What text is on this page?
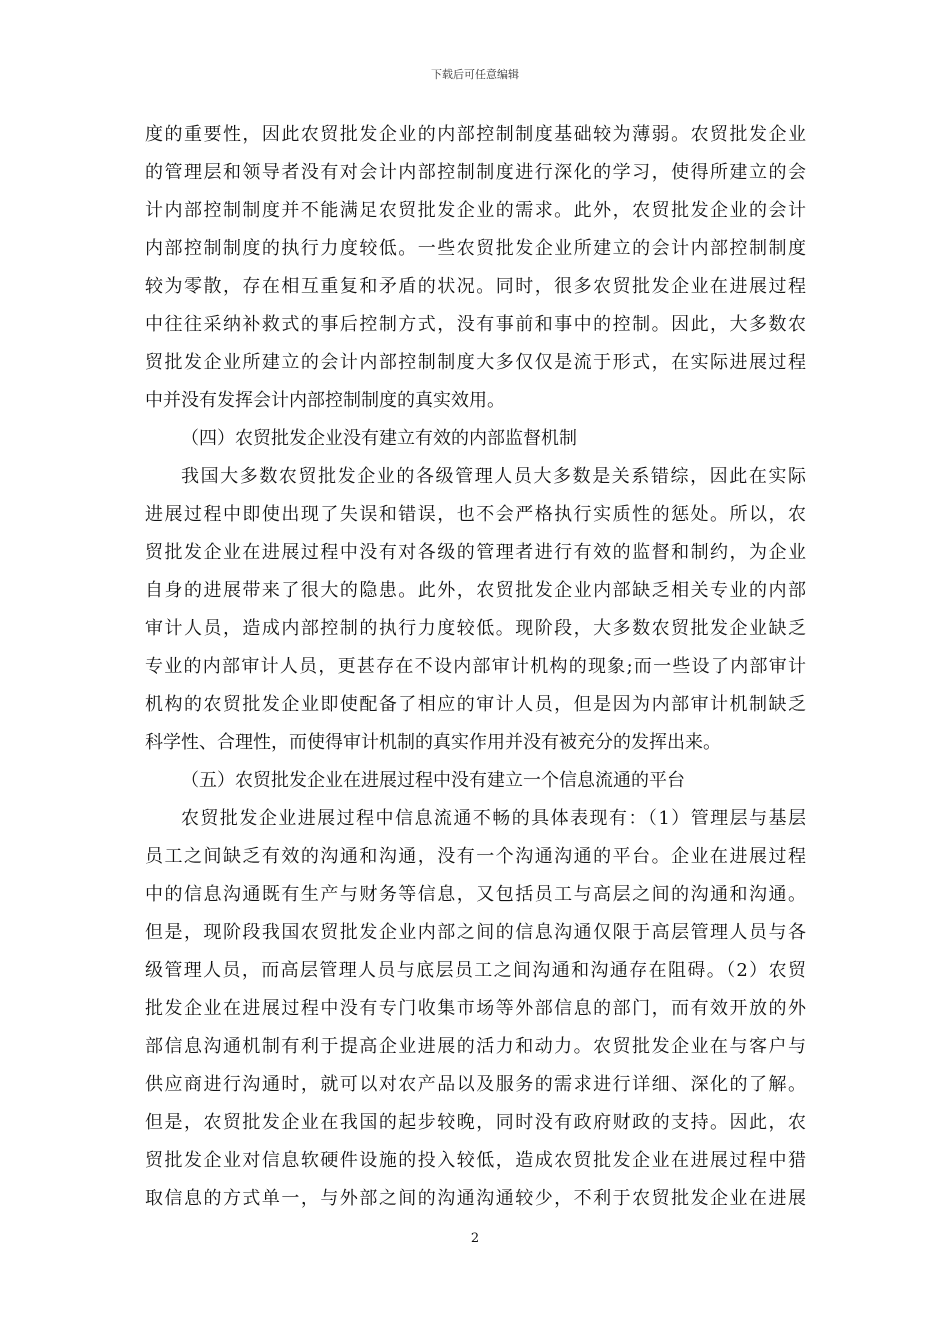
下载后可任意编辑
度的重要性，因此农贸批发企业的内部控制制度基础较为薄弱。农贸批发企业
的管理层和领导者没有对会计内部控制制度进行深化的学习，使得所建立的会
计内部控制制度并不能满足农贸批发企业的需求。此外，农贸批发企业的会计
内部控制制度的执行力度较低。一些农贸批发企业所建立的会计内部控制制度
较为零散，存在相互重复和矛盾的状况。同时，很多农贸批发企业在进展过程
中往往采纳补救式的事后控制方式，没有事前和事中的控制。因此，大多数农
贸批发企业所建立的会计内部控制制度大多仅仅是流于形式，在实际进展过程
中并没有发挥会计内部控制制度的真实效用。
（四）农贸批发企业没有建立有效的内部监督机制
我国大多数农贸批发企业的各级管理人员大多数是关系错综，因此在实际
进展过程中即使出现了失误和错误，也不会严格执行实质性的惩处。所以，农
贸批发企业在进展过程中没有对各级的管理者进行有效的监督和制约，为企业
自身的进展带来了很大的隐患。此外，农贸批发企业内部缺乏相关专业的内部
审计人员，造成内部控制的执行力度较低。现阶段，大多数农贸批发企业缺乏
专业的内部审计人员，更甚存在不设内部审计机构的现象;而一些设了内部审计
机构的农贸批发企业即使配备了相应的审计人员，但是因为内部审计机制缺乏
科学性、合理性，而使得审计机制的真实作用并没有被充分的发挥出来。
（五）农贸批发企业在进展过程中没有建立一个信息流通的平台
农贸批发企业进展过程中信息流通不畅的具体表现有：（1）管理层与基层
员工之间缺乏有效的沟通和沟通，没有一个沟通沟通的平台。企业在进展过程
中的信息沟通既有生产与财务等信息，又包括员工与高层之间的沟通和沟通。
但是，现阶段我国农贸批发企业内部之间的信息沟通仅限于高层管理人员与各
级管理人员，而高层管理人员与底层员工之间沟通和沟通存在阻碍。（2）农贸
批发企业在进展过程中没有专门收集市场等外部信息的部门，而有效开放的外
部信息沟通机制有利于提高企业进展的活力和动力。农贸批发企业在与客户与
供应商进行沟通时，就可以对农产品以及服务的需求进行详细、深化的了解。
但是，农贸批发企业在我国的起步较晚，同时没有政府财政的支持。因此，农
贸批发企业对信息软硬件设施的投入较低，造成农贸批发企业在进展过程中猎
取信息的方式单一，与外部之间的沟通沟通较少，不利于农贸批发企业在进展
2
